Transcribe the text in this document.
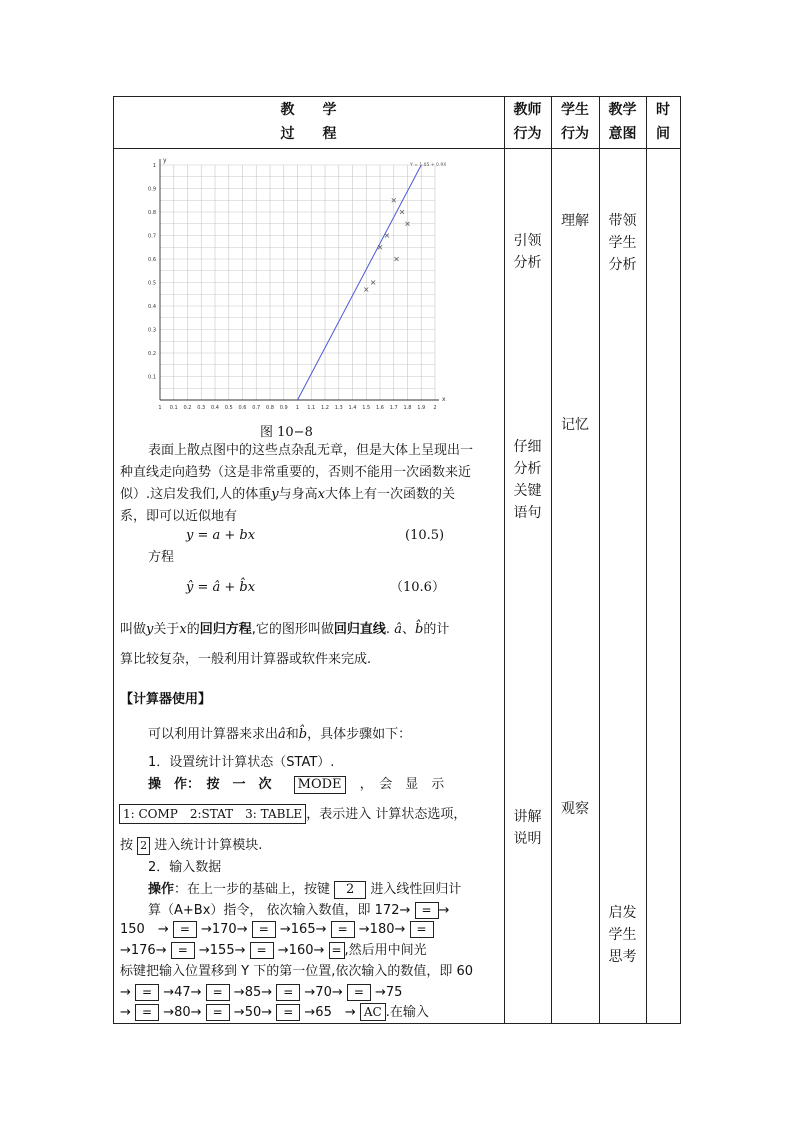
教　　学
过　　程
教师
行为
学生
行为
教学
意图
时
间
1 0.1 0.2 0.3 0.4 0.5 0.6 0.7 0.8 0.9 1 1.1 1.2 1.3 1.4 1.5 1.6 1.7 1.8 1.9 2
0.1
0.2
0.3
0.4
0.5
0.6
0.7
0.8
0.9
1
y
x
Y = 1.05 + 0.9X
图 10−8
表面上散点图中的这些点杂乱无章，但是大体上呈现出一
种直线走向趋势（这是非常重要的，否则不能用一次函数来近
似）.这启发我们,人的体重y与身高x大体上有一次函数的关
系，即可以近似地有
y = a + bx	(10.5)
方程
ŷ = â + b̂x	（10.6）
叫做y关于x的回归方程,它的图形叫做回归直线. â、b̂的计
算比较复杂，一般利用计算器或软件来完成.
【计算器使用】
可以利用计算器来求出â和b̂，具体步骤如下：
1．设置统计计算状态（STAT）.
操　作：　按　一　次 MODE ，　会　显　示
1: COMP　2:STAT　3: TABLE ，表示进入 计算状态选项，
按 2 进入统计计算模块.
2．输入数据
操作：在上一步的基础上，按键 2 进入线性回归计
算（A+Bx）指令， 依次输入数值，即 172→ = →
150　→ = →170→ = →165→ = →180→ =
→176→ = →155→ = →160→ = ,然后用中间光
标键把输入位置移到 Y 下的第一位置,依次输入的数值，即 60
→ = →47→ = →85→ = →70→ = →75
→ = →80→ = →50→ = →65　→ AC .在输入
引领
分析
仔细
分析
关键
语句
讲解
说明
理解
记忆
观察
带领
学生
分析
启发
学生
思考
